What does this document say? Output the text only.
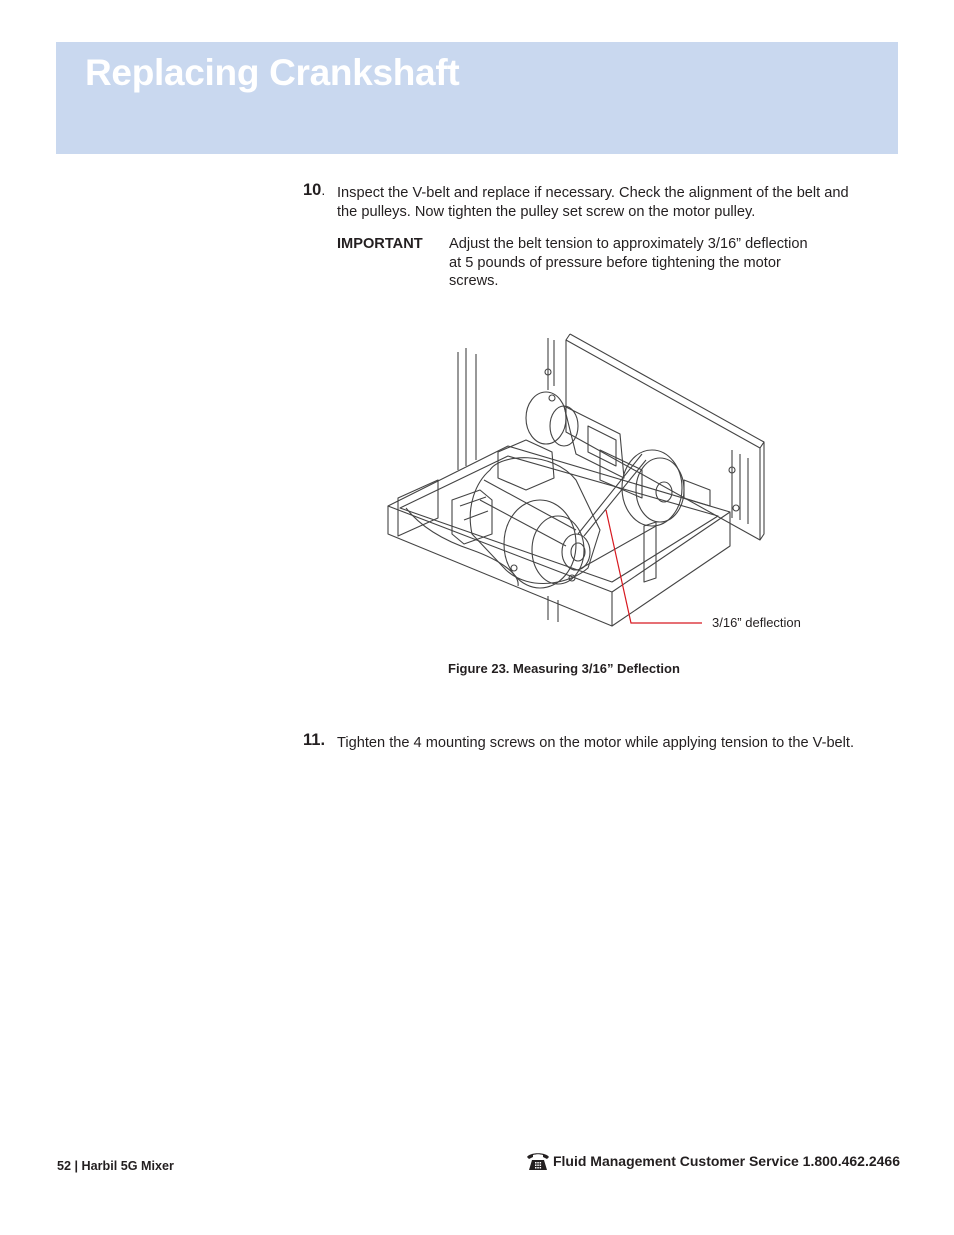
Replacing Crankshaft
10. Inspect the V-belt and replace if necessary. Check the alignment of the belt and the pulleys. Now tighten the pulley set screw on the motor pulley.
IMPORTANT Adjust the belt tension to approximately 3/16” deflection at 5 pounds of pressure before tightening the motor screws.
3/16” deflection
Figure 23. Measuring 3/16” Deflection
11. Tighten the 4 mounting screws on the motor while applying tension to the V-belt.
52 | Harbil 5G Mixer	Fluid Management Customer Service 1.800.462.2466
